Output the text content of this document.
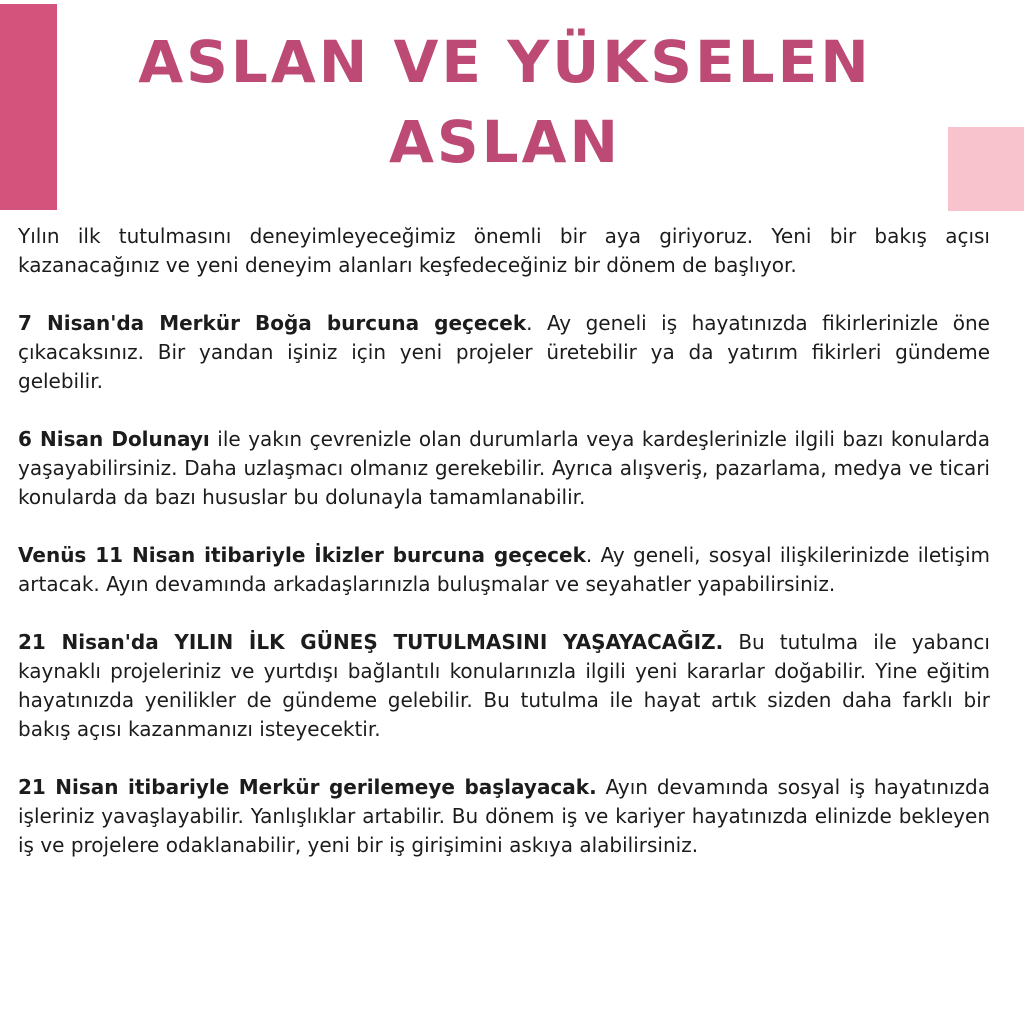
ASLAN VE YÜKSELEN
ASLAN

Yılın ilk tutulmasını deneyimleyeceğimiz önemli bir aya giriyoruz. Yeni bir bakış açısı kazanacağınız ve yeni deneyim alanları keşfedeceğiniz bir dönem de başlıyor.

7 Nisan'da Merkür Boğa burcuna geçecek. Ay geneli iş hayatınızda fikirlerinizle öne çıkacaksınız. Bir yandan işiniz için yeni projeler üretebilir ya da yatırım fikirleri gündeme gelebilir.

6 Nisan Dolunayı ile yakın çevrenizle olan durumlarla veya kardeşlerinizle ilgili bazı konularda yaşayabilirsiniz. Daha uzlaşmacı olmanız gerekebilir. Ayrıca alışveriş, pazarlama, medya ve ticari konularda da bazı hususlar bu dolunayla tamamlanabilir.

Venüs 11 Nisan itibariyle İkizler burcuna geçecek. Ay geneli, sosyal ilişkilerinizde iletişim artacak. Ayın devamında arkadaşlarınızla buluşmalar ve seyahatler yapabilirsiniz.

21 Nisan'da YILIN İLK GÜNEŞ TUTULMASINI YAŞAYACAĞIZ. Bu tutulma ile yabancı kaynaklı projeleriniz ve yurtdışı bağlantılı konularınızla ilgili yeni kararlar doğabilir. Yine eğitim hayatınızda yenilikler de gündeme gelebilir. Bu tutulma ile hayat artık sizden daha farklı bir bakış açısı kazanmanızı isteyecektir.

21 Nisan itibariyle Merkür gerilemeye başlayacak. Ayın devamında sosyal iş hayatınızda işleriniz yavaşlayabilir. Yanlışlıklar artabilir. Bu dönem iş ve kariyer hayatınızda elinizde bekleyen iş ve projelere odaklanabilir, yeni bir iş girişimini askıya alabilirsiniz.
